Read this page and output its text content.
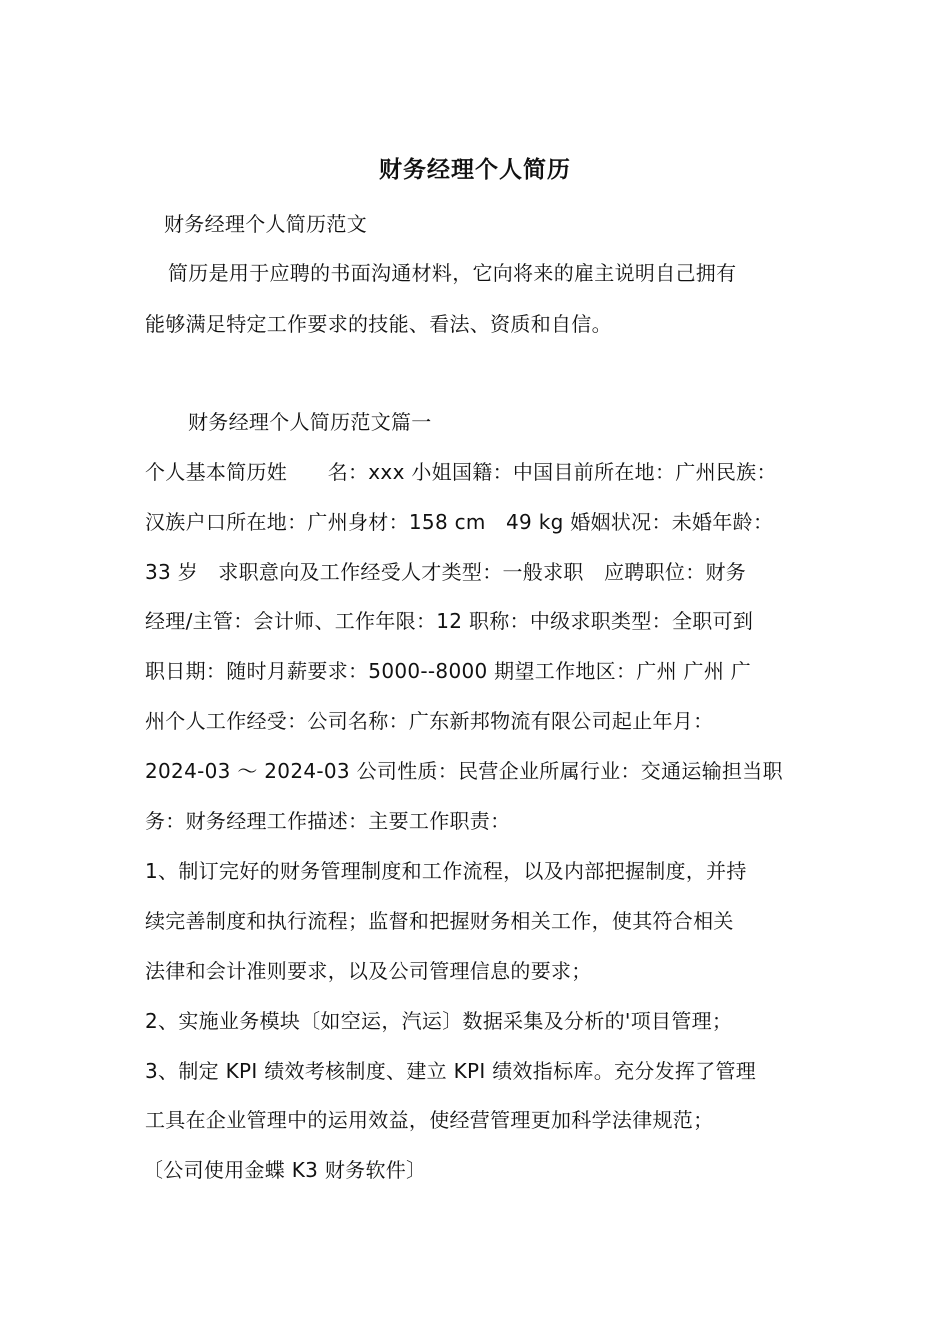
财务经理个人简历
财务经理个人简历范文
简历是用于应聘的书面沟通材料，它向将来的雇主说明自己拥有
能够满足特定工作要求的技能、看法、资质和自信。
财务经理个人简历范文篇一
个人基本简历姓　　名：xxx 小姐国籍：中国目前所在地：广州民族：
汉族户口所在地：广州身材：158 cm　49 kg 婚姻状况：未婚年龄：
33 岁　求职意向及工作经受人才类型：一般求职　应聘职位：财务
经理/主管：会计师、工作年限：12 职称：中级求职类型：全职可到
职日期：随时月薪要求：5000--8000 期望工作地区：广州 广州 广
州个人工作经受：公司名称：广东新邦物流有限公司起止年月：
2024-03 ～ 2024-03 公司性质：民营企业所属行业：交通运输担当职
务：财务经理工作描述：主要工作职责：
1、制订完好的财务管理制度和工作流程，以及内部把握制度，并持
续完善制度和执行流程；监督和把握财务相关工作，使其符合相关
法律和会计准则要求，以及公司管理信息的要求；
2、实施业务模块〔如空运，汽运〕数据采集及分析的'项目管理；
3、制定 KPI 绩效考核制度、建立 KPI 绩效指标库。充分发挥了管理
工具在企业管理中的运用效益，使经营管理更加科学法律规范；
〔公司使用金蝶 K3 财务软件〕
